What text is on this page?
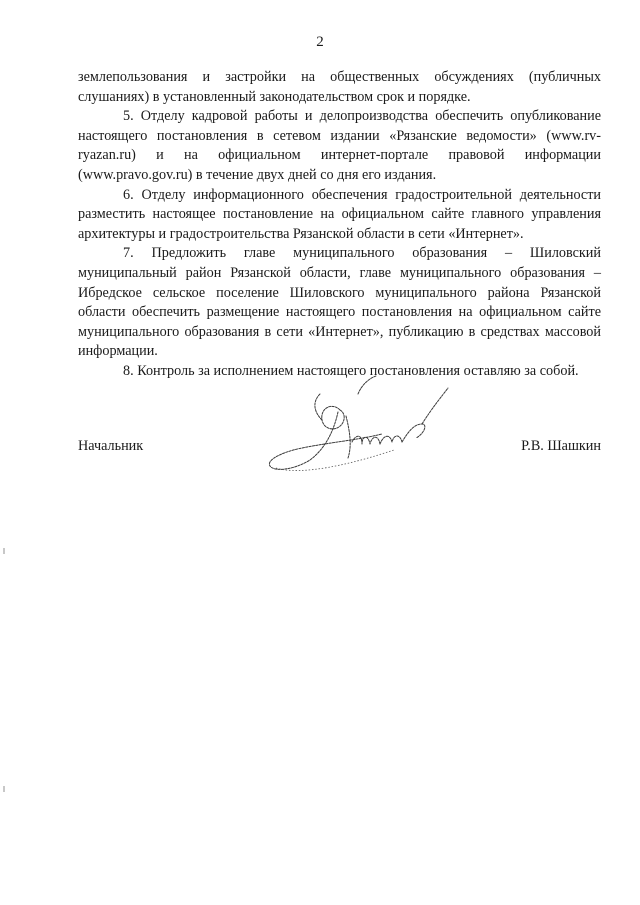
2

землепользования и застройки на общественных обсуждениях (публичных слушаниях) в установленный законодательством срок и порядке.

5. Отделу кадровой работы и делопроизводства обеспечить опубликование настоящего постановления в сетевом издании «Рязанские ведомости» (www.rv-ryazan.ru) и на официальном интернет-портале правовой информации (www.pravo.gov.ru) в течение двух дней со дня его издания.

6. Отделу информационного обеспечения градостроительной деятельности разместить настоящее постановление на официальном сайте главного управления архитектуры и градостроительства Рязанской области в сети «Интернет».

7. Предложить главе муниципального образования – Шиловский муниципальный район Рязанской области, главе муниципального образования – Ибредское сельское поселение Шиловского муниципального района Рязанской области обеспечить размещение настоящего постановления на официальном сайте муниципального образования в сети «Интернет», публикацию в средствах массовой информации.

8. Контроль за исполнением настоящего постановления оставляю за собой.

Начальник	Р.В. Шашкин
